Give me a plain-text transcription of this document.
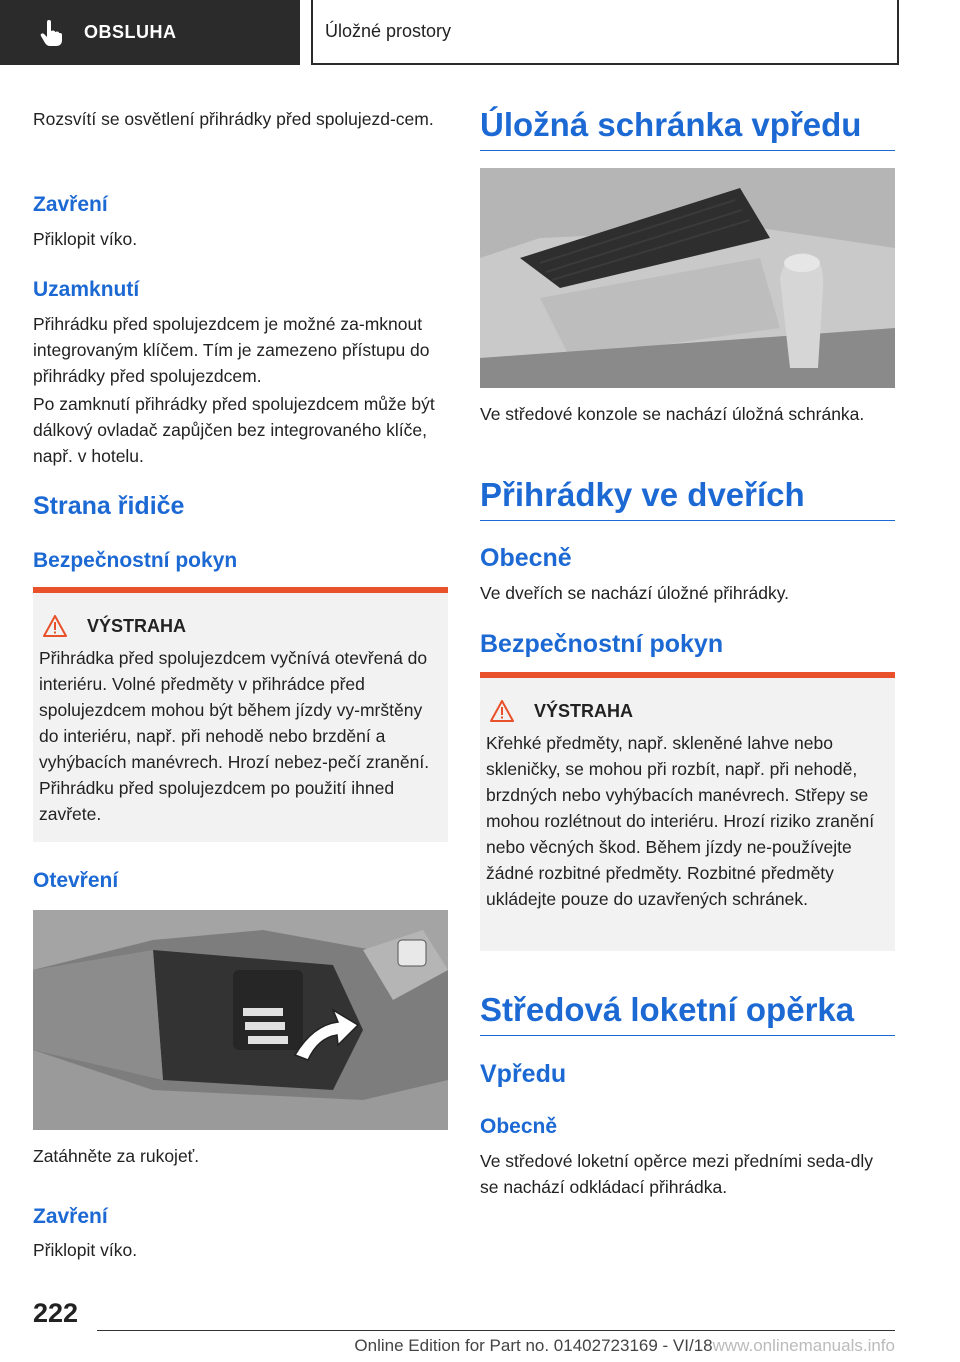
OBSLUHA	Úložné prostory

Rozsvítí se osvětlení přihrádky před spolujezd-cem.

Zavření

Přiklopit víko.

Uzamknutí

Přihrádku před spolujezdcem je možné za-mknout integrovaným klíčem. Tím je zamezeno přístupu do přihrádky před spolujezdcem.

Po zamknutí přihrádky před spolujezdcem může být dálkový ovladač zapůjčen bez integrovaného klíče, např. v hotelu.

Strana řidiče
Bezpečnostní pokyn
VÝSTRAHA
Přihrádka před spolujezdcem vyčnívá otevřená do interiéru. Volné předměty v přihrádce před spolujezdcem mohou být během jízdy vy-mrštěny do interiéru, např. při nehodě nebo brzdění a vyhýbacích manévrech. Hrozí nebez-pečí zranění. Přihrádku před spolujezdcem po použití ihned zavřete.
Otevření

Zatáhněte za rukojeť.

Zavření

Přiklopit víko.

Úložná schránka vpředu

Ve středové konzole se nachází úložná schránka.

Přihrádky ve dveřích
Obecně

Ve dveřích se nachází úložné přihrádky.

Bezpečnostní pokyn
VÝSTRAHA
Křehké předměty, např. skleněné lahve nebo skleničky, se mohou při rozbít, např. při nehodě, brzdných nebo vyhýbacích manévrech. Střepy se mohou rozlétnout do interiéru. Hrozí riziko zranění nebo věcných škod. Během jízdy ne-používejte žádné rozbitné předměty. Rozbitné předměty ukládejte pouze do uzavřených schránek.
Středová loketní opěrka
Vpředu
Obecně

Ve středové loketní opěrce mezi předními seda-dly se nachází odkládací přihrádka.

222
Online Edition for Part no. 01402723169 - VI/18www.onlinemanuals.info
